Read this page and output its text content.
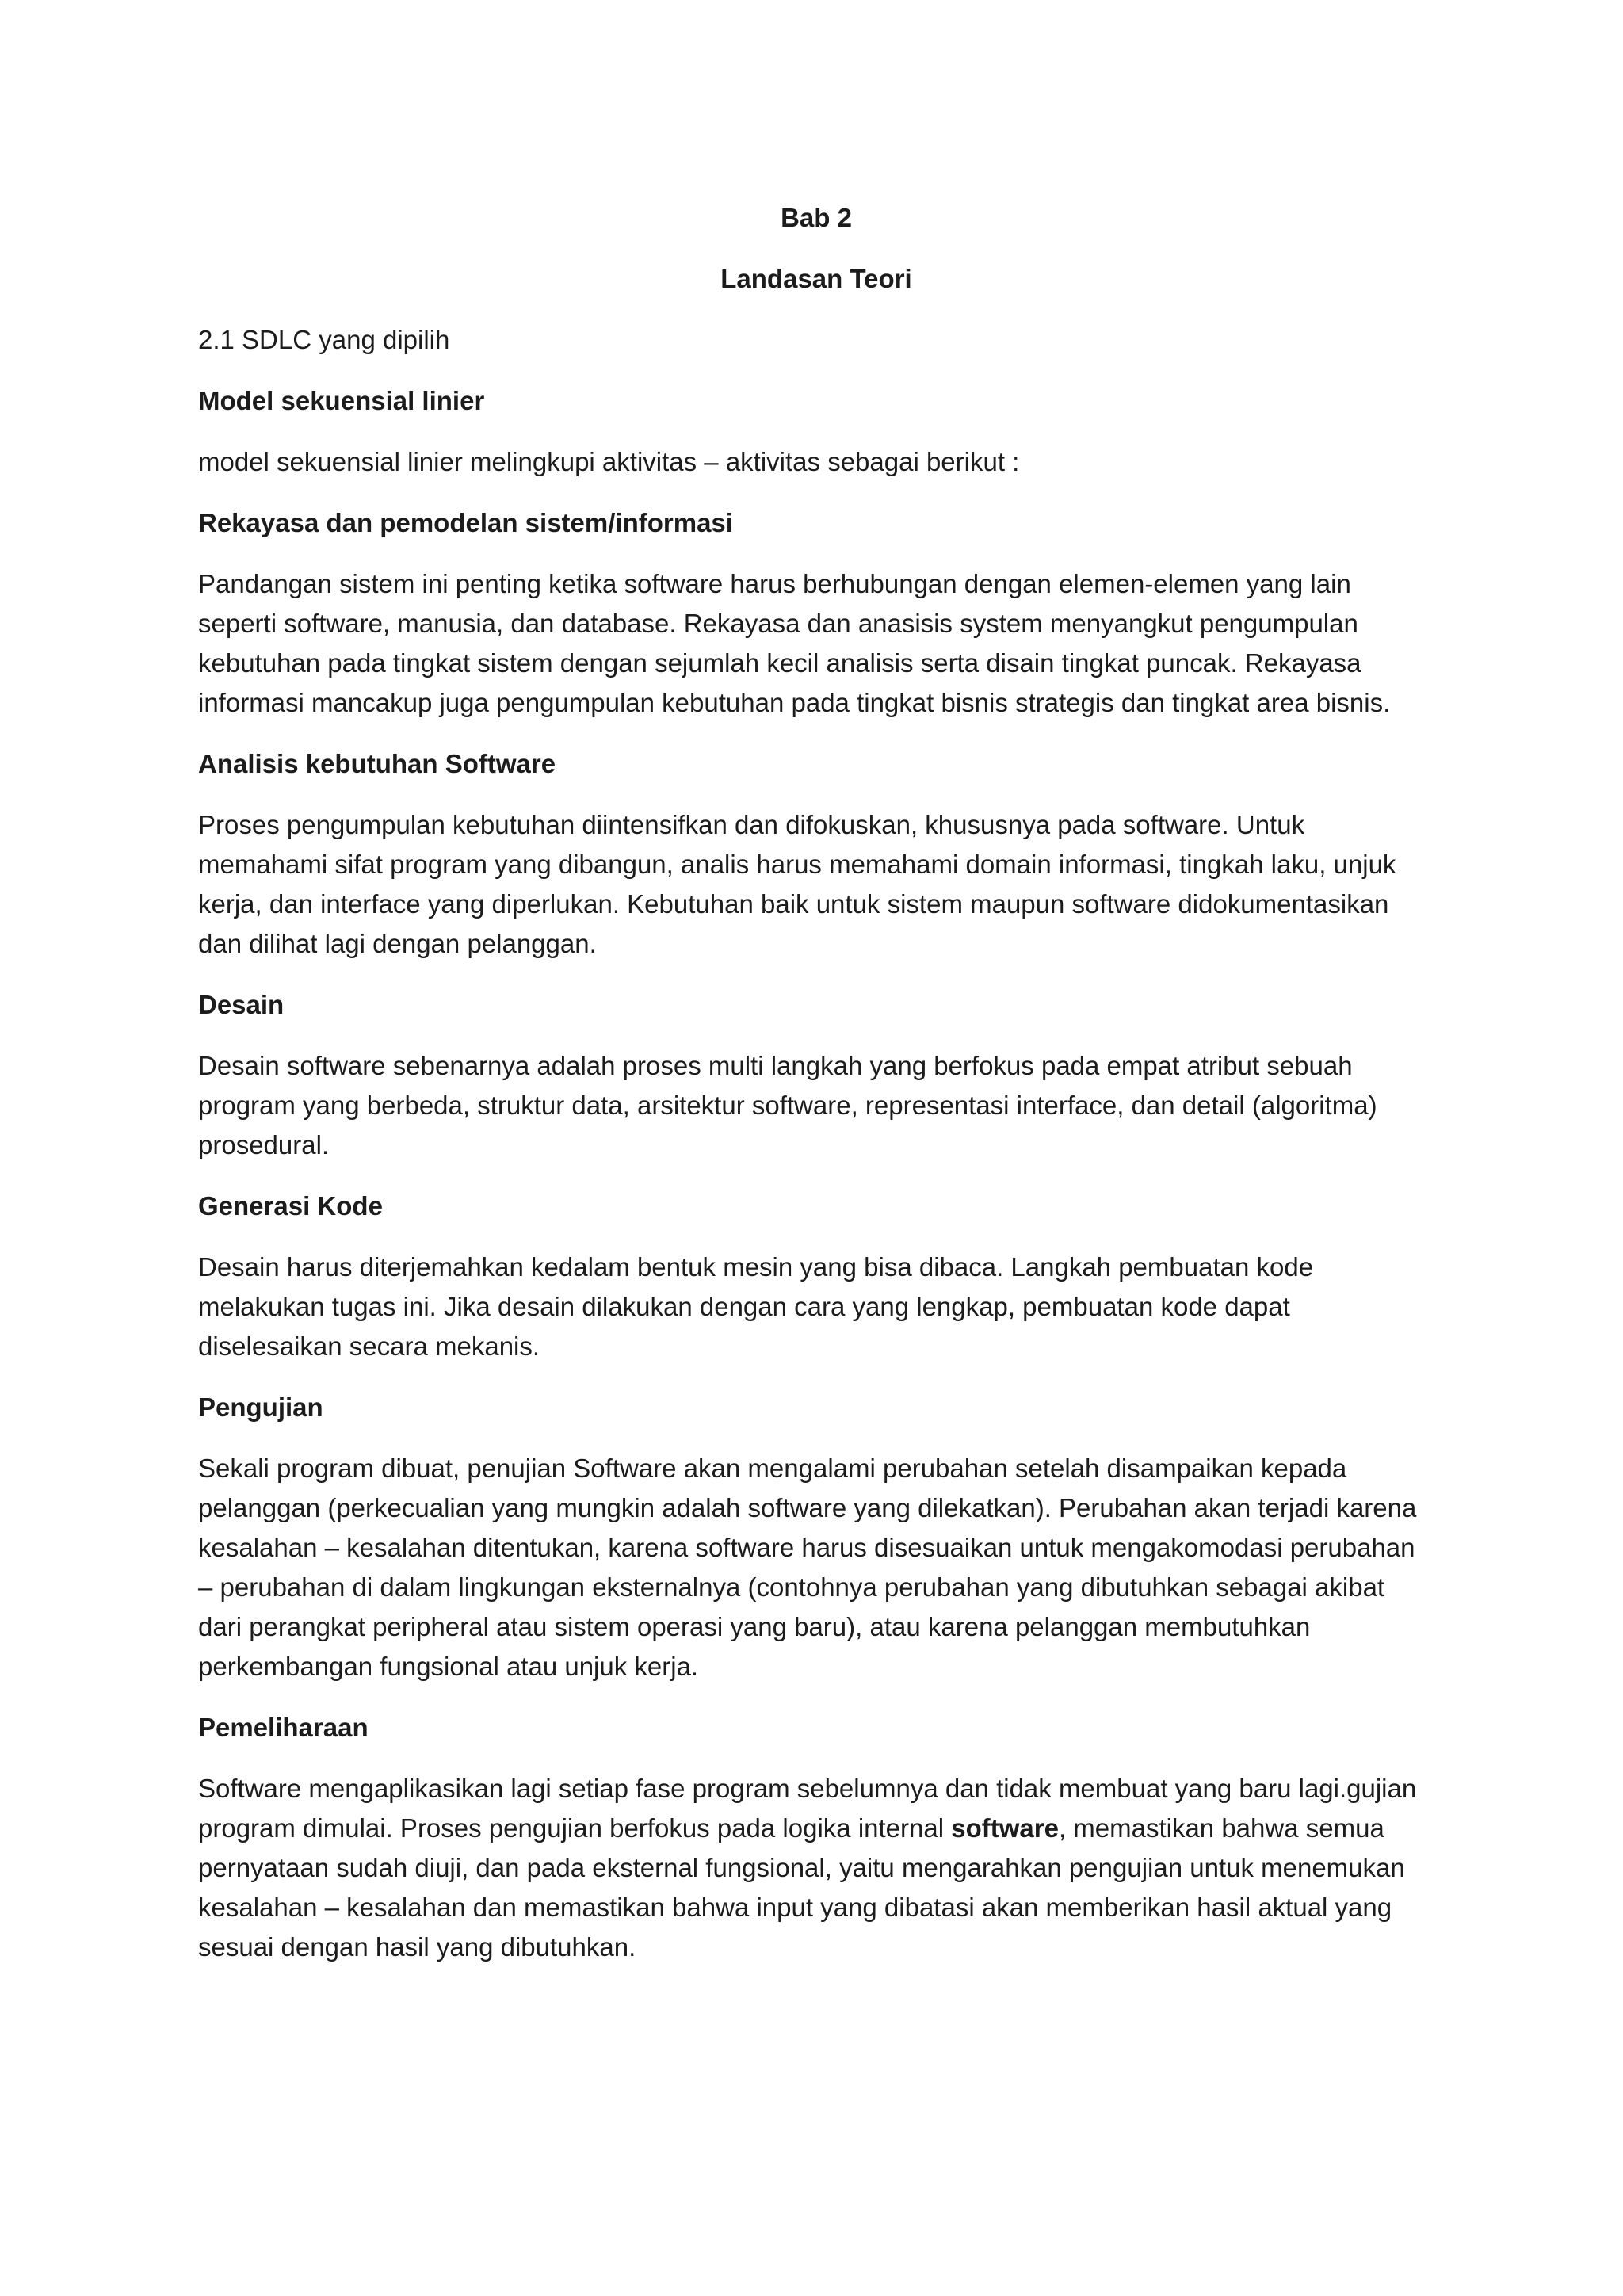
Bab 2

Landasan Teori

2.1 SDLC yang dipilih

Model sekuensial linier

model sekuensial linier melingkupi aktivitas – aktivitas sebagai berikut :

Rekayasa dan pemodelan sistem/informasi

Pandangan sistem ini penting ketika software harus berhubungan dengan elemen-elemen yang lain seperti software, manusia, dan database. Rekayasa dan anasisis system menyangkut pengumpulan kebutuhan pada tingkat sistem dengan sejumlah kecil analisis serta disain tingkat puncak. Rekayasa informasi mancakup juga pengumpulan kebutuhan pada tingkat bisnis strategis dan tingkat area bisnis.

Analisis kebutuhan Software

Proses pengumpulan kebutuhan diintensifkan dan difokuskan, khususnya pada software. Untuk memahami sifat program yang dibangun, analis harus memahami domain informasi, tingkah laku, unjuk kerja, dan interface yang diperlukan. Kebutuhan baik untuk sistem maupun software didokumentasikan dan dilihat lagi dengan pelanggan.

Desain

Desain software sebenarnya adalah proses multi langkah yang berfokus pada empat atribut sebuah program yang berbeda, struktur data, arsitektur software, representasi interface, dan detail (algoritma) prosedural.

Generasi Kode

Desain harus diterjemahkan kedalam bentuk mesin yang bisa dibaca. Langkah pembuatan kode melakukan tugas ini. Jika desain dilakukan dengan cara yang lengkap, pembuatan kode dapat diselesaikan secara mekanis.

Pengujian

Sekali program dibuat, penujian Software akan mengalami perubahan setelah disampaikan kepada pelanggan (perkecualian yang mungkin adalah software yang dilekatkan). Perubahan akan terjadi karena kesalahan – kesalahan ditentukan, karena software harus disesuaikan untuk mengakomodasi perubahan – perubahan di dalam lingkungan eksternalnya (contohnya perubahan yang dibutuhkan sebagai akibat dari perangkat peripheral atau sistem operasi yang baru), atau karena pelanggan membutuhkan perkembangan fungsional atau unjuk kerja.

Pemeliharaan

Software mengaplikasikan lagi setiap fase program sebelumnya dan tidak membuat yang baru lagi.gujian program dimulai. Proses pengujian berfokus pada logika internal software, memastikan bahwa semua pernyataan sudah diuji, dan pada eksternal fungsional, yaitu mengarahkan pengujian untuk menemukan kesalahan – kesalahan dan memastikan bahwa input yang dibatasi akan memberikan hasil aktual yang sesuai dengan hasil yang dibutuhkan.
